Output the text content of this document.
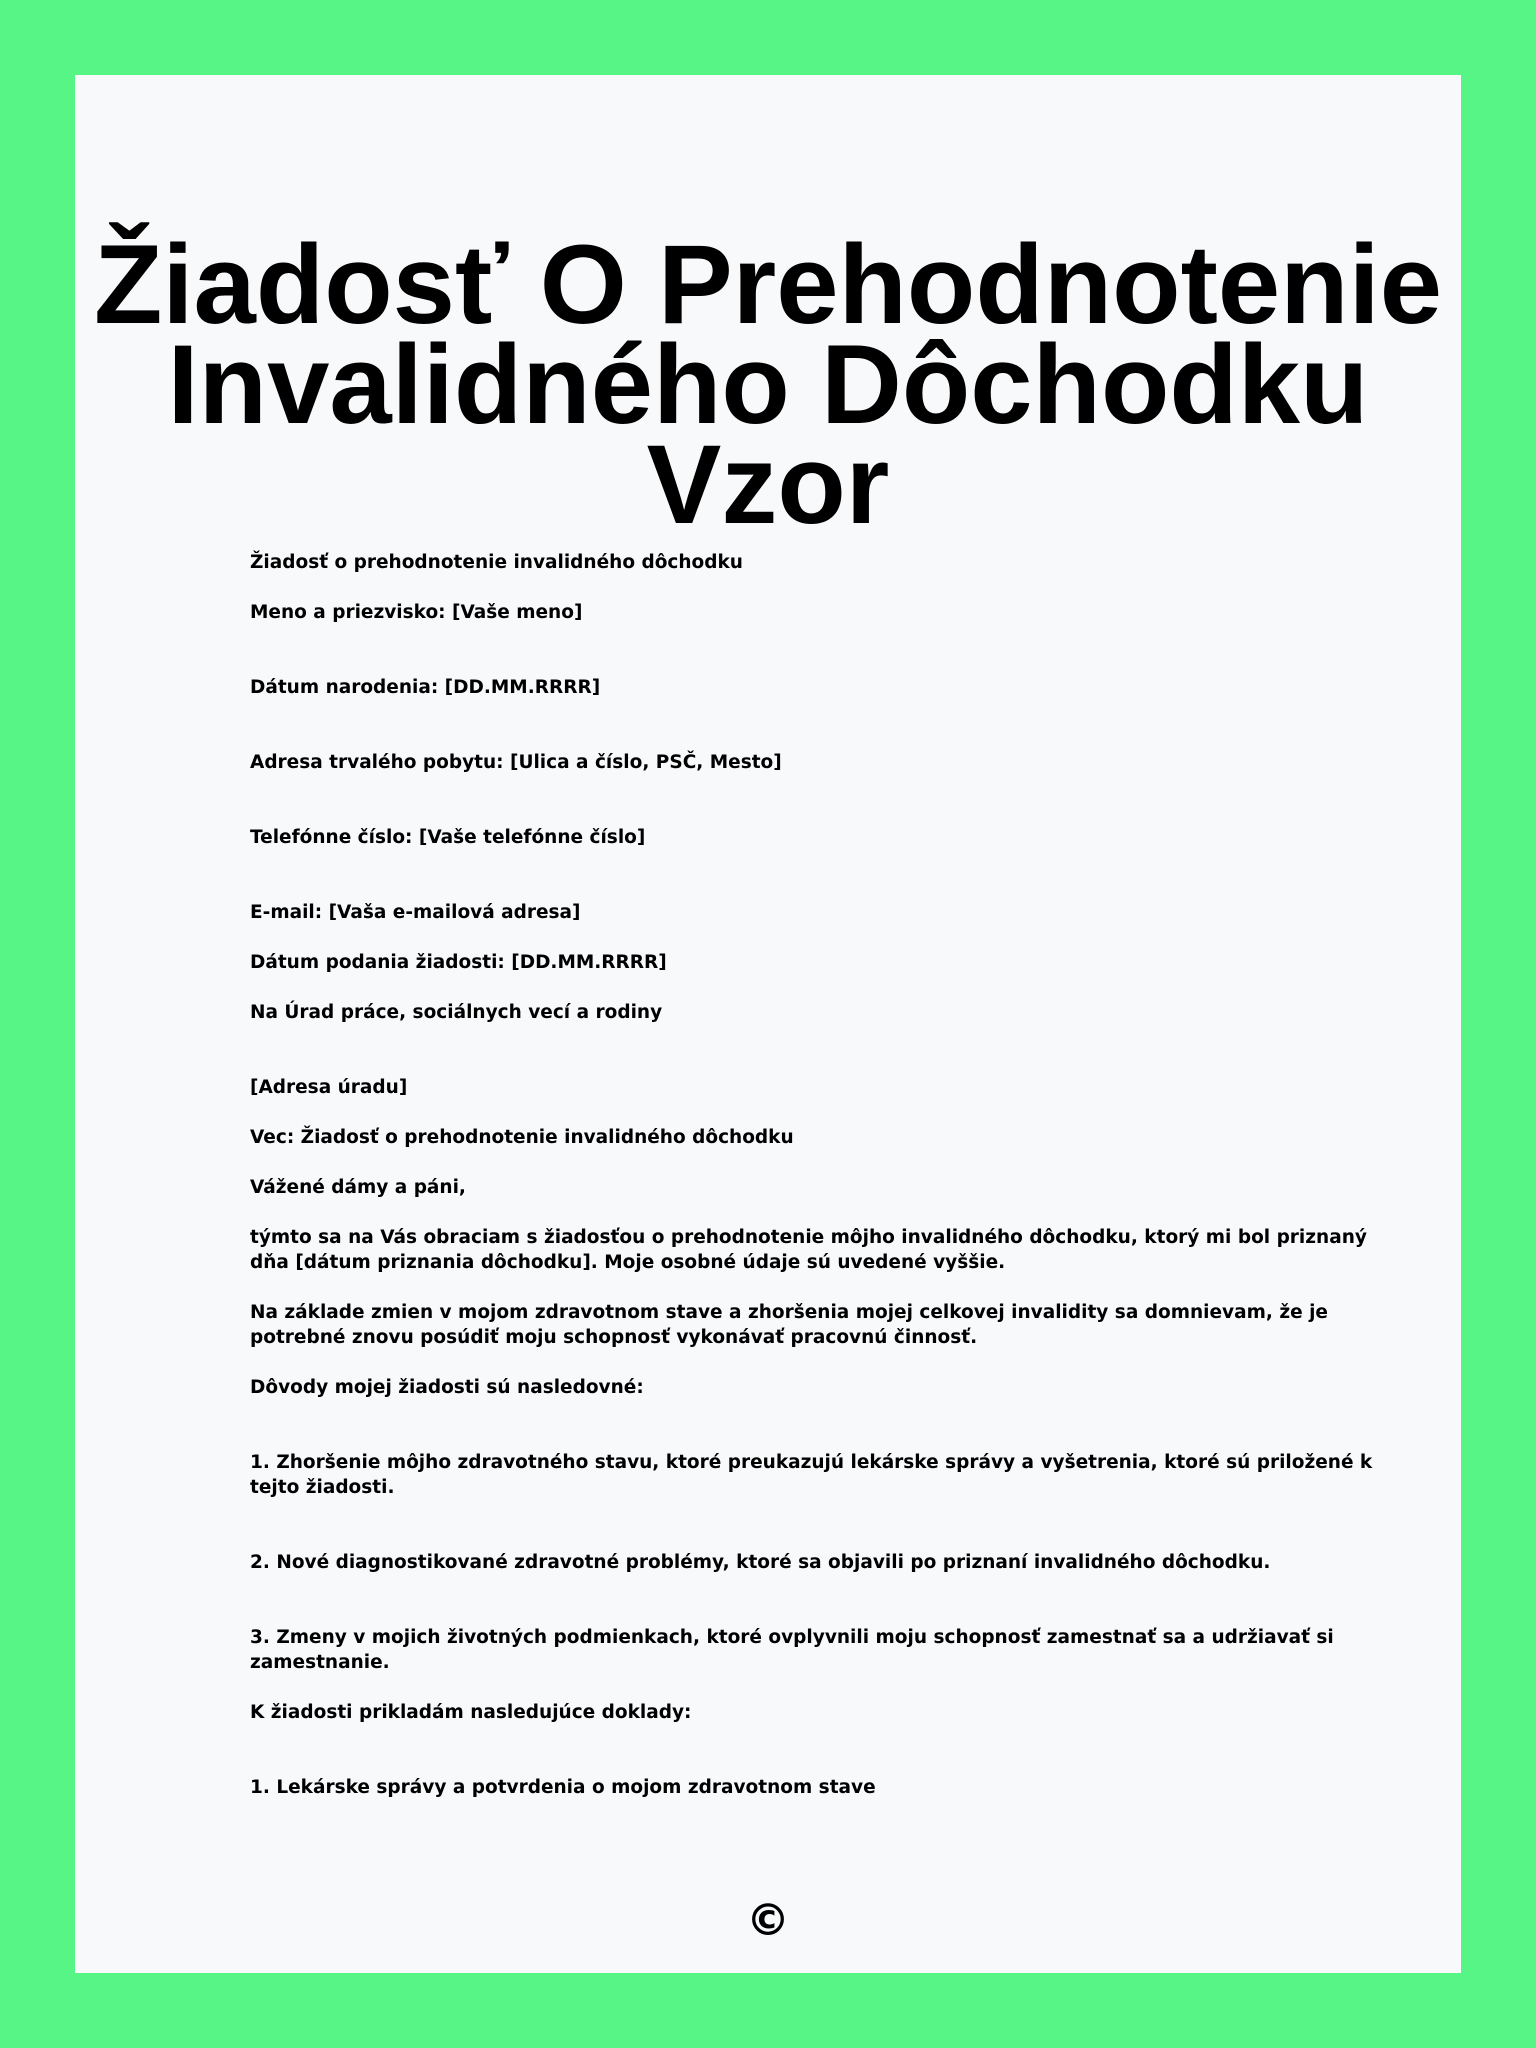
Žiadosť O Prehodnotenie
Invalidného Dôchodku Vzor

Žiadosť o prehodnotenie invalidného dôchodku

Meno a priezvisko: [Vaše meno]

Dátum narodenia: [DD.MM.RRRR]

Adresa trvalého pobytu: [Ulica a číslo, PSČ, Mesto]

Telefónne číslo: [Vaše telefónne číslo]

E-mail: [Vaša e-mailová adresa]

Dátum podania žiadosti: [DD.MM.RRRR]

Na Úrad práce, sociálnych vecí a rodiny

[Adresa úradu]

Vec: Žiadosť o prehodnotenie invalidného dôchodku

Vážené dámy a páni,

týmto sa na Vás obraciam s žiadosťou o prehodnotenie môjho invalidného dôchodku, ktorý mi bol priznaný

dňa [dátum priznania dôchodku]. Moje osobné údaje sú uvedené vyššie.

Na základe zmien v mojom zdravotnom stave a zhoršenia mojej celkovej invalidity sa domnievam, že je

potrebné znovu posúdiť moju schopnosť vykonávať pracovnú činnosť.

Dôvody mojej žiadosti sú nasledovné:

1. Zhoršenie môjho zdravotného stavu, ktoré preukazujú lekárske správy a vyšetrenia, ktoré sú priložené k

tejto žiadosti.

2. Nové diagnostikované zdravotné problémy, ktoré sa objavili po priznaní invalidného dôchodku.

3. Zmeny v mojich životných podmienkach, ktoré ovplyvnili moju schopnosť zamestnať sa a udržiavať si

zamestnanie.

K žiadosti prikladám nasledujúce doklady:

1. Lekárske správy a potvrdenia o mojom zdravotnom stave

©
